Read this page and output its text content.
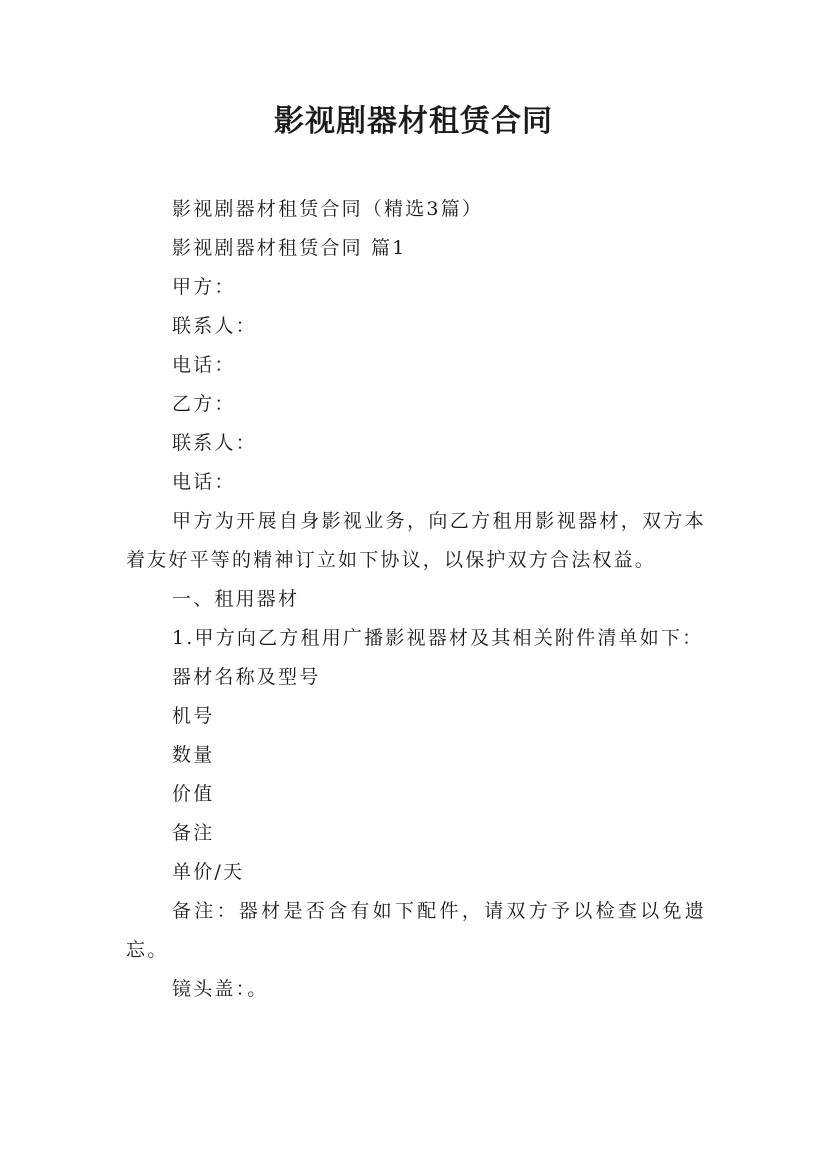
影视剧器材租赁合同

影视剧器材租赁合同（精选3篇）

影视剧器材租赁合同 篇1

甲方：

联系人：

电话：

乙方：

联系人：

电话：

甲方为开展自身影视业务，向乙方租用影视器材，双方本着友好平等的精神订立如下协议，以保护双方合法权益。

一、租用器材

1.甲方向乙方租用广播影视器材及其相关附件清单如下：

器材名称及型号

机号

数量

价值

备注

单价/天

备注：器材是否含有如下配件，请双方予以检查以免遗忘。

镜头盖：。
